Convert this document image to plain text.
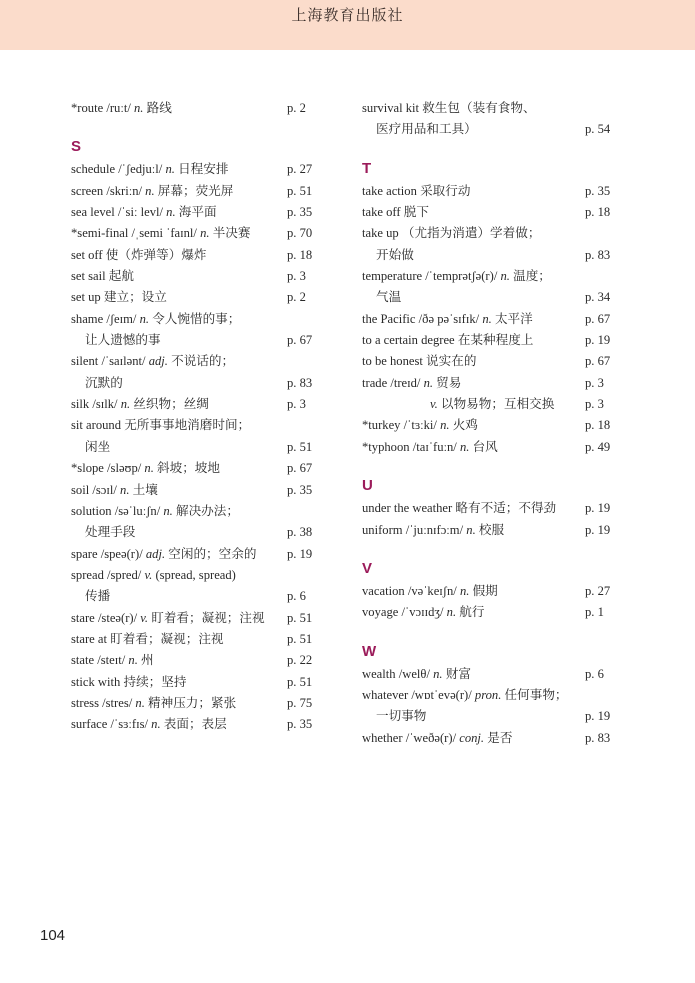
上海教育出版社
*route /ruːt/ n. 路线	p. 2
S
schedule /ˈʃedjuːl/ n. 日程安排	p. 27
screen /skriːn/ n. 屏幕；荧光屏	p. 51
sea level /ˈsiː levl/ n. 海平面	p. 35
*semi-final /ˌsemi ˈfaɪnl/ n. 半决赛	p. 70
set off 使（炸弹等）爆炸	p. 18
set sail 起航	p. 3
set up 建立；设立	p. 2
shame /ʃeɪm/ n. 令人惋惜的事；
让人遗憾的事	p. 67
silent /ˈsaɪlənt/ adj. 不说话的；
沉默的	p. 83
silk /sɪlk/ n. 丝织物；丝绸	p. 3
sit around 无所事事地消磨时间；
闲坐	p. 51
*slope /sləʊp/ n. 斜坡；坡地	p. 67
soil /sɔɪl/ n. 土壤	p. 35
solution /səˈluːʃn/ n. 解决办法；
处理手段	p. 38
spare /speə(r)/ adj. 空闲的；空余的 p. 19
spread /spred/ v. (spread, spread)
传播	p. 6
stare /steə(r)/ v. 盯着看；凝视；注视 p. 51
stare at 盯着看；凝视；注视	p. 51
state /steɪt/ n. 州	p. 22
stick with 持续；坚持	p. 51
stress /stres/ n. 精神压力；紧张	p. 75
surface /ˈsɜːfɪs/ n. 表面；表层	p. 35
survival kit 救生包（装有食物、
医疗用品和工具）	p. 54
T
take action 采取行动	p. 35
take off 脱下	p. 18
take up （尤指为消遣）学着做；
开始做	p. 83
temperature /ˈtemprətʃə(r)/ n. 温度；
气温	p. 34
the Pacific /ðə pəˈsɪfɪk/ n. 太平洋	p. 67
to a certain degree 在某种程度上	p. 19
to be honest 说实在的	p. 67
trade /treɪd/ n. 贸易	p. 3
v. 以物易物；互相交换 p. 3
*turkey /ˈtɜːki/ n. 火鸡	p. 18
*typhoon /taɪˈfuːn/ n. 台风	p. 49
U
under the weather 略有不适；不得劲 p. 19
uniform /ˈjuːnɪfɔːm/ n. 校服	p. 19
V
vacation /vəˈkeɪʃn/ n. 假期	p. 27
voyage /ˈvɔɪɪdʒ/ n. 航行	p. 1
W
wealth /welθ/ n. 财富	p. 6
whatever /wɒtˈevə(r)/ pron. 任何事物；
一切事物	p. 19
whether /ˈweðə(r)/ conj. 是否	p. 83
104
